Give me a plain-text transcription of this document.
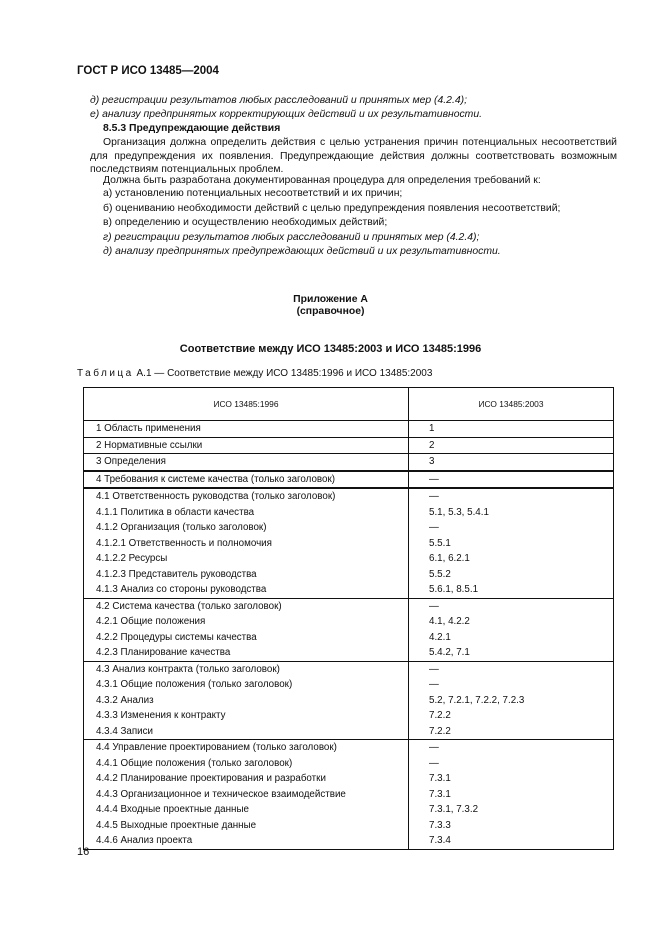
ГОСТ Р ИСО 13485—2004
д) регистрации результатов любых расследований и принятых мер (4.2.4);
е) анализу предпринятых корректирующих действий и их результативности.
8.5.3 Предупреждающие действия
Организация должна определить действия с целью устранения причин потенциальных несоответствий для предупреждения их появления. Предупреждающие действия должны соответствовать возможным последствиям потенциальных проблем.
Должна быть разработана документированная процедура для определения требований к:
а) установлению потенциальных несоответствий и их причин;
б) оцениванию необходимости действий с целью предупреждения появления несоответствий;
в) определению и осуществлению необходимых действий;
г) регистрации результатов любых расследований и принятых мер (4.2.4);
д) анализу предпринятых предупреждающих действий и их результативности.
Приложение А
(справочное)
Соответствие между ИСО 13485:2003 и ИСО 13485:1996
Таблица А.1 — Соответствие между ИСО 13485:1996 и ИСО 13485:2003
ИСО 13485:1996	ИСО 13485:2003
1 Область применения	1
2 Нормативные ссылки	2
3 Определения	3
4 Требования к системе качества (только заголовок)	—
4.1 Ответственность руководства (только заголовок)	—
4.1.1 Политика в области качества	5.1, 5.3, 5.4.1
4.1.2 Организация (только заголовок)	—
4.1.2.1 Ответственность и полномочия	5.5.1
4.1.2.2 Ресурсы	6.1, 6.2.1
4.1.2.3 Представитель руководства	5.5.2
4.1.3 Анализ со стороны руководства	5.6.1, 8.5.1
4.2 Система качества (только заголовок)	—
4.2.1 Общие положения	4.1, 4.2.2
4.2.2 Процедуры системы качества	4.2.1
4.2.3 Планирование качества	5.4.2, 7.1
4.3 Анализ контракта (только заголовок)	—
4.3.1 Общие положения (только заголовок)	—
4.3.2 Анализ	5.2, 7.2.1, 7.2.2, 7.2.3
4.3.3 Изменения к контракту	7.2.2
4.3.4 Записи	7.2.2
4.4 Управление проектированием (только заголовок)	—
4.4.1 Общие положения (только заголовок)	—
4.4.2 Планирование проектирования и разработки	7.3.1
4.4.3 Организационное и техническое взаимодействие	7.3.1
4.4.4 Входные проектные данные	7.3.1, 7.3.2
4.4.5 Выходные проектные данные	7.3.3
4.4.6 Анализ проекта	7.3.4
16
